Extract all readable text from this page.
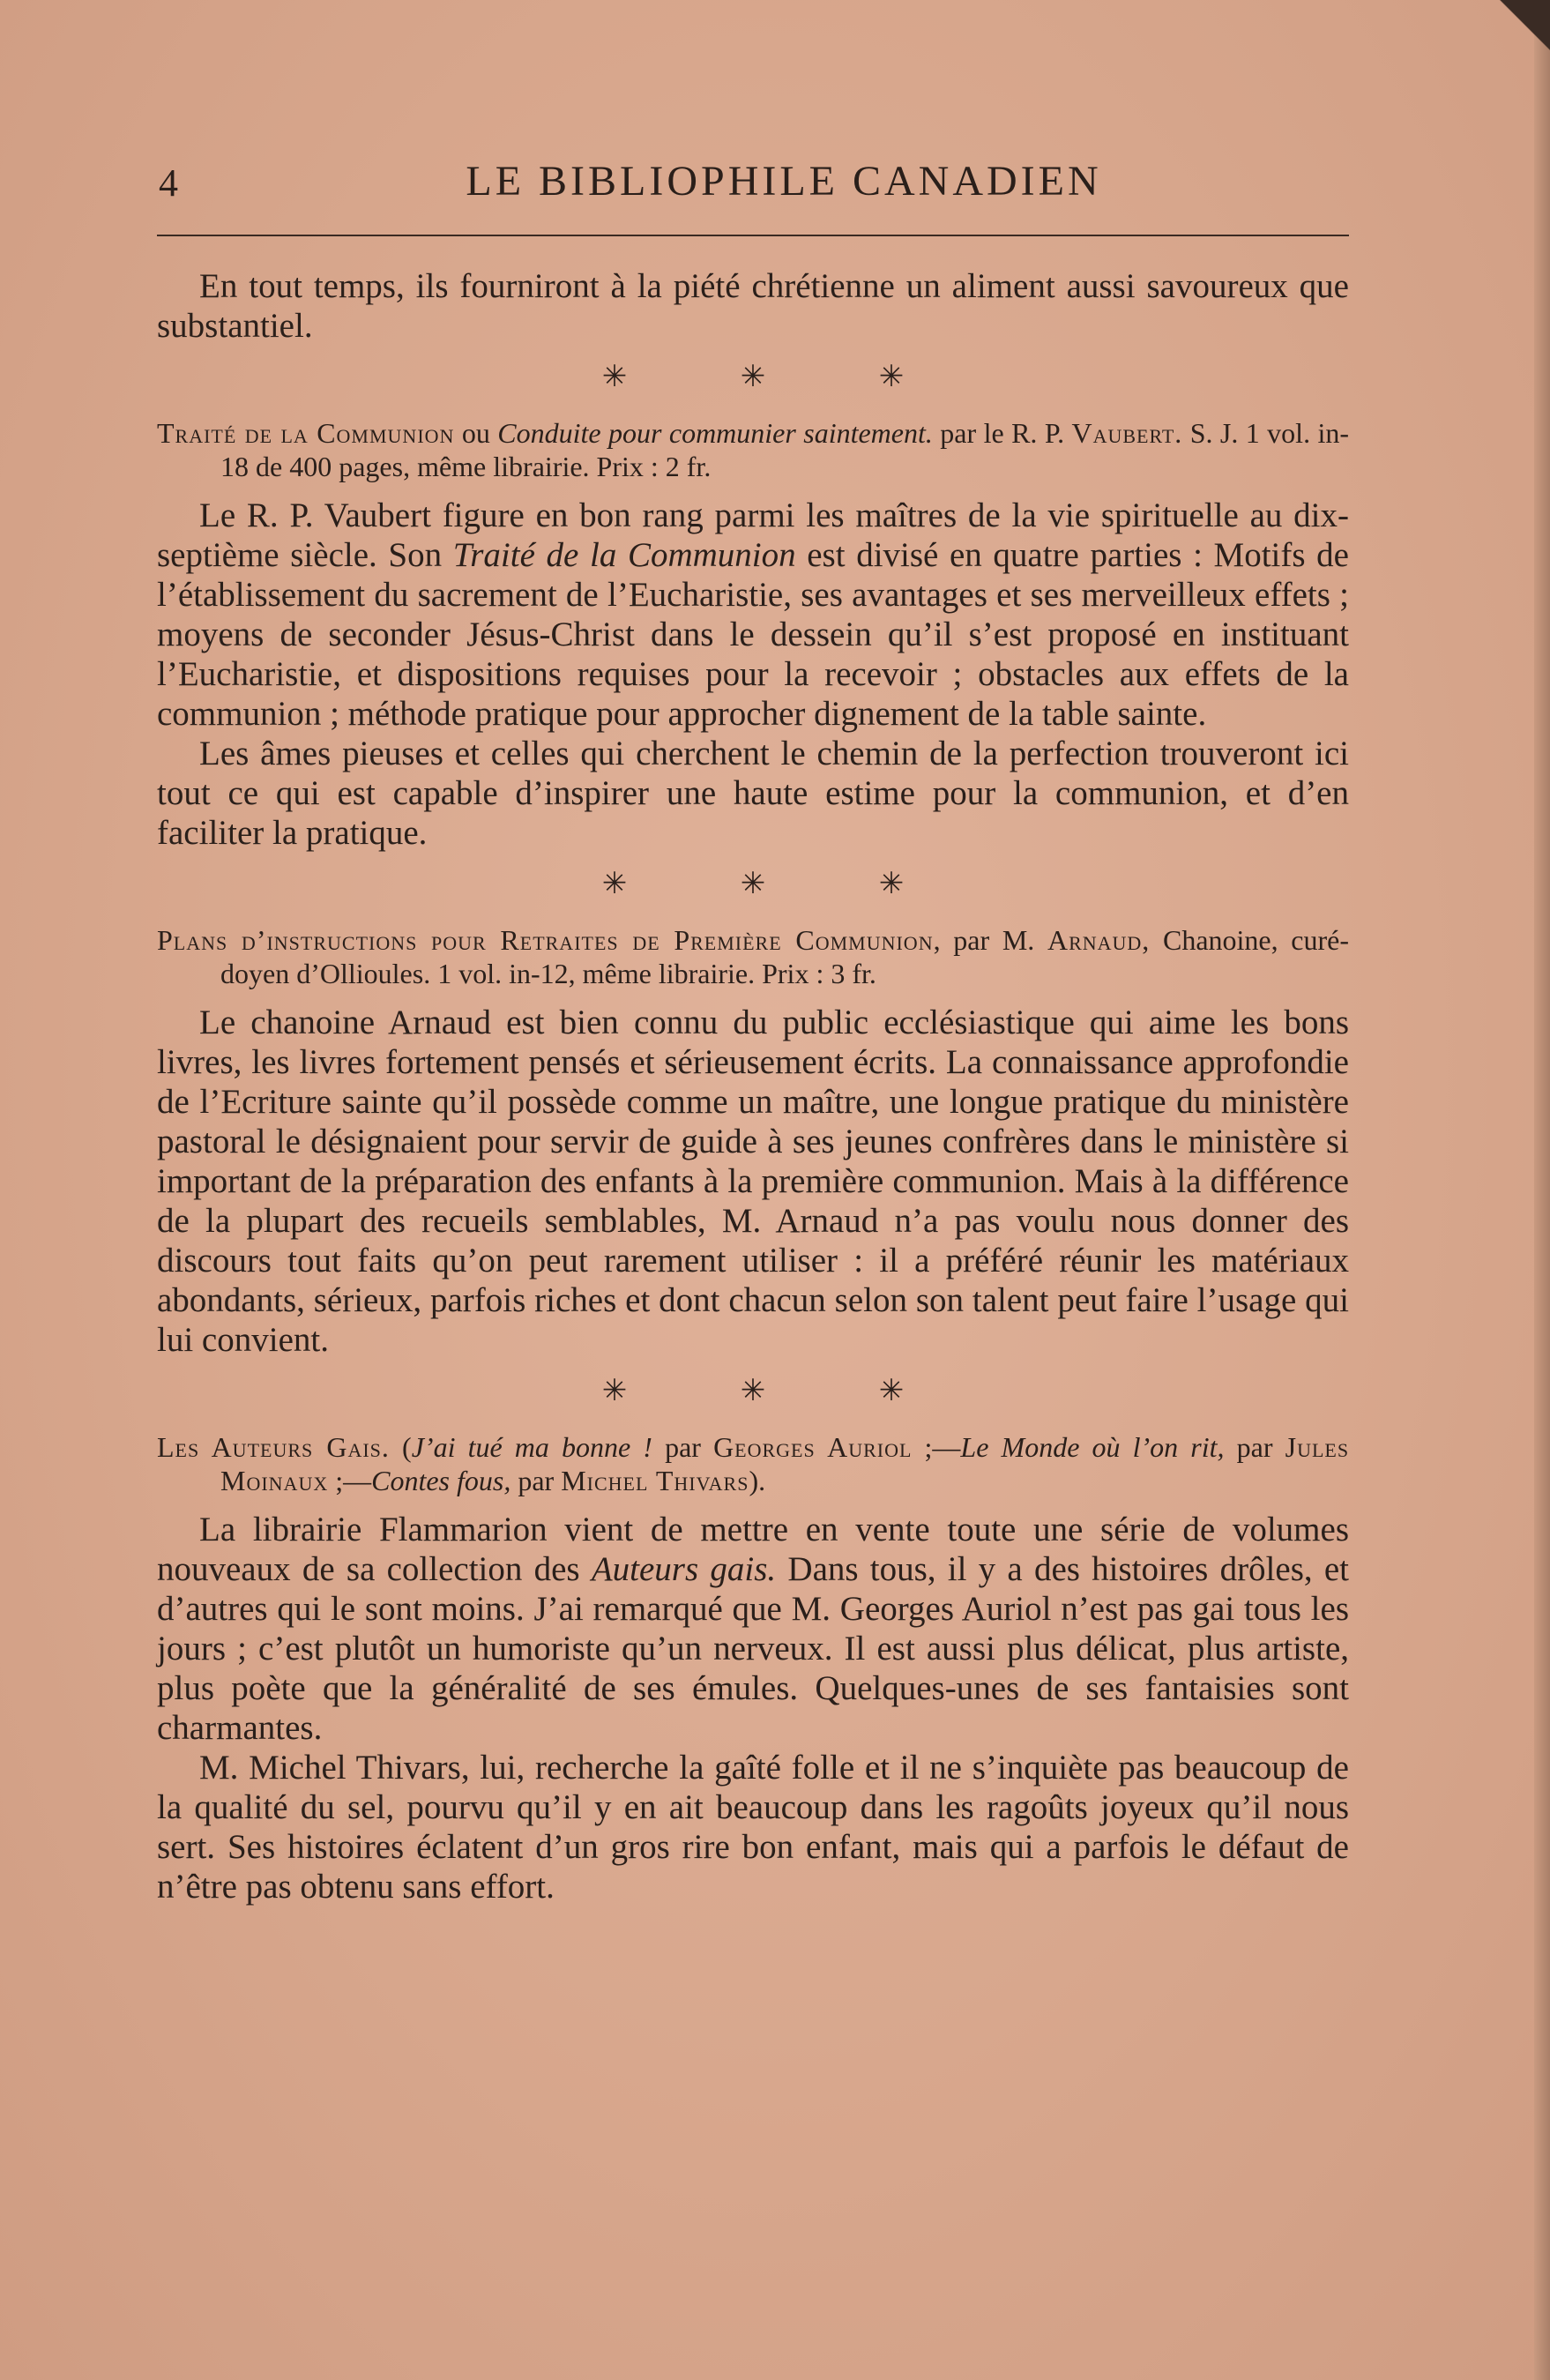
4	LE BIBLIOPHILE CANADIEN

En tout temps, ils fourniront à la piété chrétienne un aliment aussi savoureux que substantiel.

✳ ✳ ✳

Traité de la Communion ou Conduite pour communier saintement. par le R. P. Vaubert. S. J. 1 vol. in-18 de 400 pages, même librairie. Prix : 2 fr.

Le R. P. Vaubert figure en bon rang parmi les maîtres de la vie spirituelle au dix-septième siècle. Son Traité de la Communion est divisé en quatre parties : Motifs de l’établissement du sacrement de l’Eucharistie, ses avantages et ses merveilleux effets ; moyens de seconder Jésus-Christ dans le dessein qu’il s’est proposé en instituant l’Eucharistie, et dispositions requises pour la recevoir ; obstacles aux effets de la communion ; méthode pratique pour approcher dignement de la table sainte.

Les âmes pieuses et celles qui cherchent le chemin de la perfection trouveront ici tout ce qui est capable d’inspirer une haute estime pour la communion, et d’en faciliter la pratique.

✳ ✳ ✳

Plans d’instructions pour Retraites de Première Communion, par M. Arnaud, Chanoine, curé-doyen d’Ollioules. 1 vol. in-12, même librairie. Prix : 3 fr.

Le chanoine Arnaud est bien connu du public ecclésiastique qui aime les bons livres, les livres fortement pensés et sérieusement écrits. La connaissance approfondie de l’Ecriture sainte qu’il possède comme un maître, une longue pratique du ministère pastoral le désignaient pour servir de guide à ses jeunes confrères dans le ministère si important de la préparation des enfants à la première communion. Mais à la différence de la plupart des recueils semblables, M. Arnaud n’a pas voulu nous donner des discours tout faits qu’on peut rarement utiliser : il a préféré réunir les matériaux abondants, sérieux, parfois riches et dont chacun selon son talent peut faire l’usage qui lui convient.

✳ ✳ ✳

Les Auteurs Gais. (J’ai tué ma bonne ! par Georges Auriol ;—Le Monde où l’on rit, par Jules Moinaux ;—Contes fous, par Michel Thivars).

La librairie Flammarion vient de mettre en vente toute une série de volumes nouveaux de sa collection des Auteurs gais. Dans tous, il y a des histoires drôles, et d’autres qui le sont moins. J’ai remarqué que M. Georges Auriol n’est pas gai tous les jours ; c’est plutôt un humoriste qu’un nerveux. Il est aussi plus délicat, plus artiste, plus poète que la généralité de ses émules. Quelques-unes de ses fantaisies sont charmantes.

M. Michel Thivars, lui, recherche la gaîté folle et il ne s’inquiète pas beaucoup de la qualité du sel, pourvu qu’il y en ait beaucoup dans les ragoûts joyeux qu’il nous sert. Ses histoires éclatent d’un gros rire bon enfant, mais qui a parfois le défaut de n’être pas obtenu sans effort.
